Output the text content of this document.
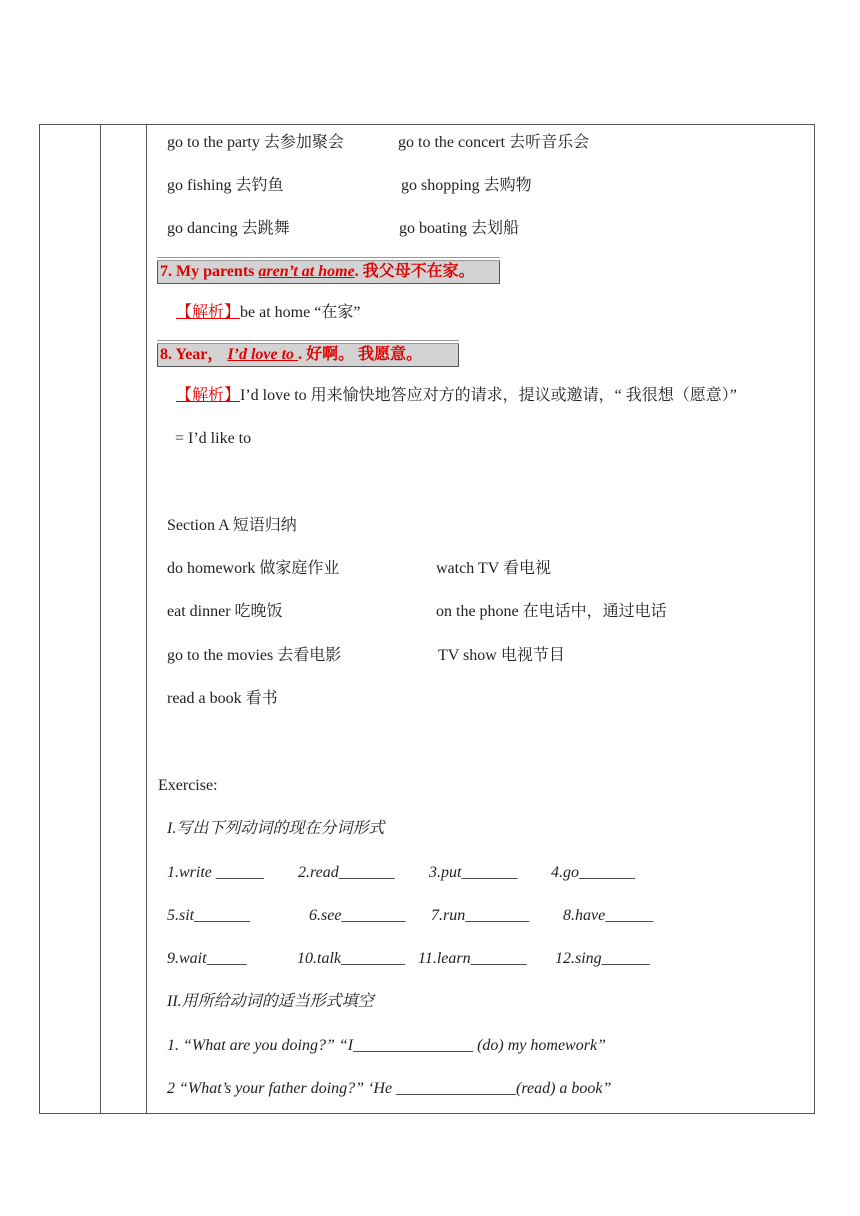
go to the party 去参加聚会	go to the concert 去听音乐会
go fishing 去钓鱼	go shopping 去购物
go dancing 去跳舞	go boating 去划船
7. My parents aren’t at home. 我父母不在家。
【解析】be at home “在家”
8. Year， I’d love to . 好啊。 我愿意。
【解析】I’d love to 用来愉快地答应对方的请求，提议或邀请，“ 我很想（愿意）”
= I’d like to
Section A 短语归纳
do homework 做家庭作业	watch TV 看电视
eat dinner 吃晚饭	on the phone 在电话中，通过电话
go to the movies 去看电影	TV show 电视节目
read a book 看书
Exercise:
I.写出下列动词的现在分词形式
1.write ______ 2.read_______ 3.put_______ 4.go_______
5.sit_______	6.see________ 7.run________ 8.have______
9.wait_____	10.talk________ 11.learn_______ 12.sing______
II.用所给动词的适当形式填空
1. “What are you doing?” “I_______________ (do) my homework”
2 “What’s your father doing?” ‘He _______________(read) a book”
